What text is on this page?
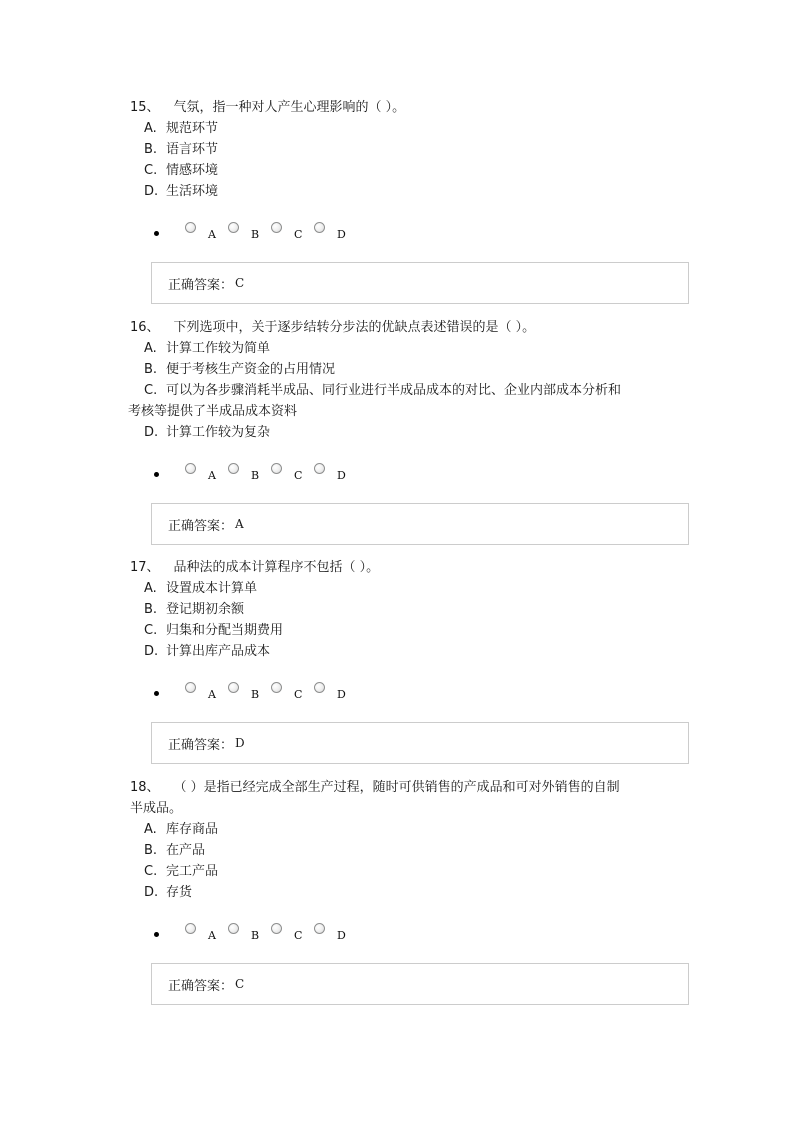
15、 气氛，指一种对人产生心理影响的（ ）。

A. 规范环节

B. 语言环节

C. 情感环境

D. 生活环境

A	B	C	D
正确答案： C

16、 下列选项中，关于逐步结转分步法的优缺点表述错误的是（ ）。

A. 计算工作较为简单

B. 便于考核生产资金的占用情况

C. 可以为各步骤消耗半成品、同行业进行半成品成本的对比、企业内部成本分析和

考核等提供了半成品成本资料

D. 计算工作较为复杂

A	B	C	D
正确答案： A

17、 品种法的成本计算程序不包括（ ）。

A. 设置成本计算单

B. 登记期初余额

C. 归集和分配当期费用

D. 计算出库产品成本

A	B	C	D
正确答案： D

18、 （ ）是指已经完成全部生产过程，随时可供销售的产成品和可对外销售的自制

半成品。

A. 库存商品

B. 在产品

C. 完工产品

D. 存货

A	B	C	D
正确答案： C
